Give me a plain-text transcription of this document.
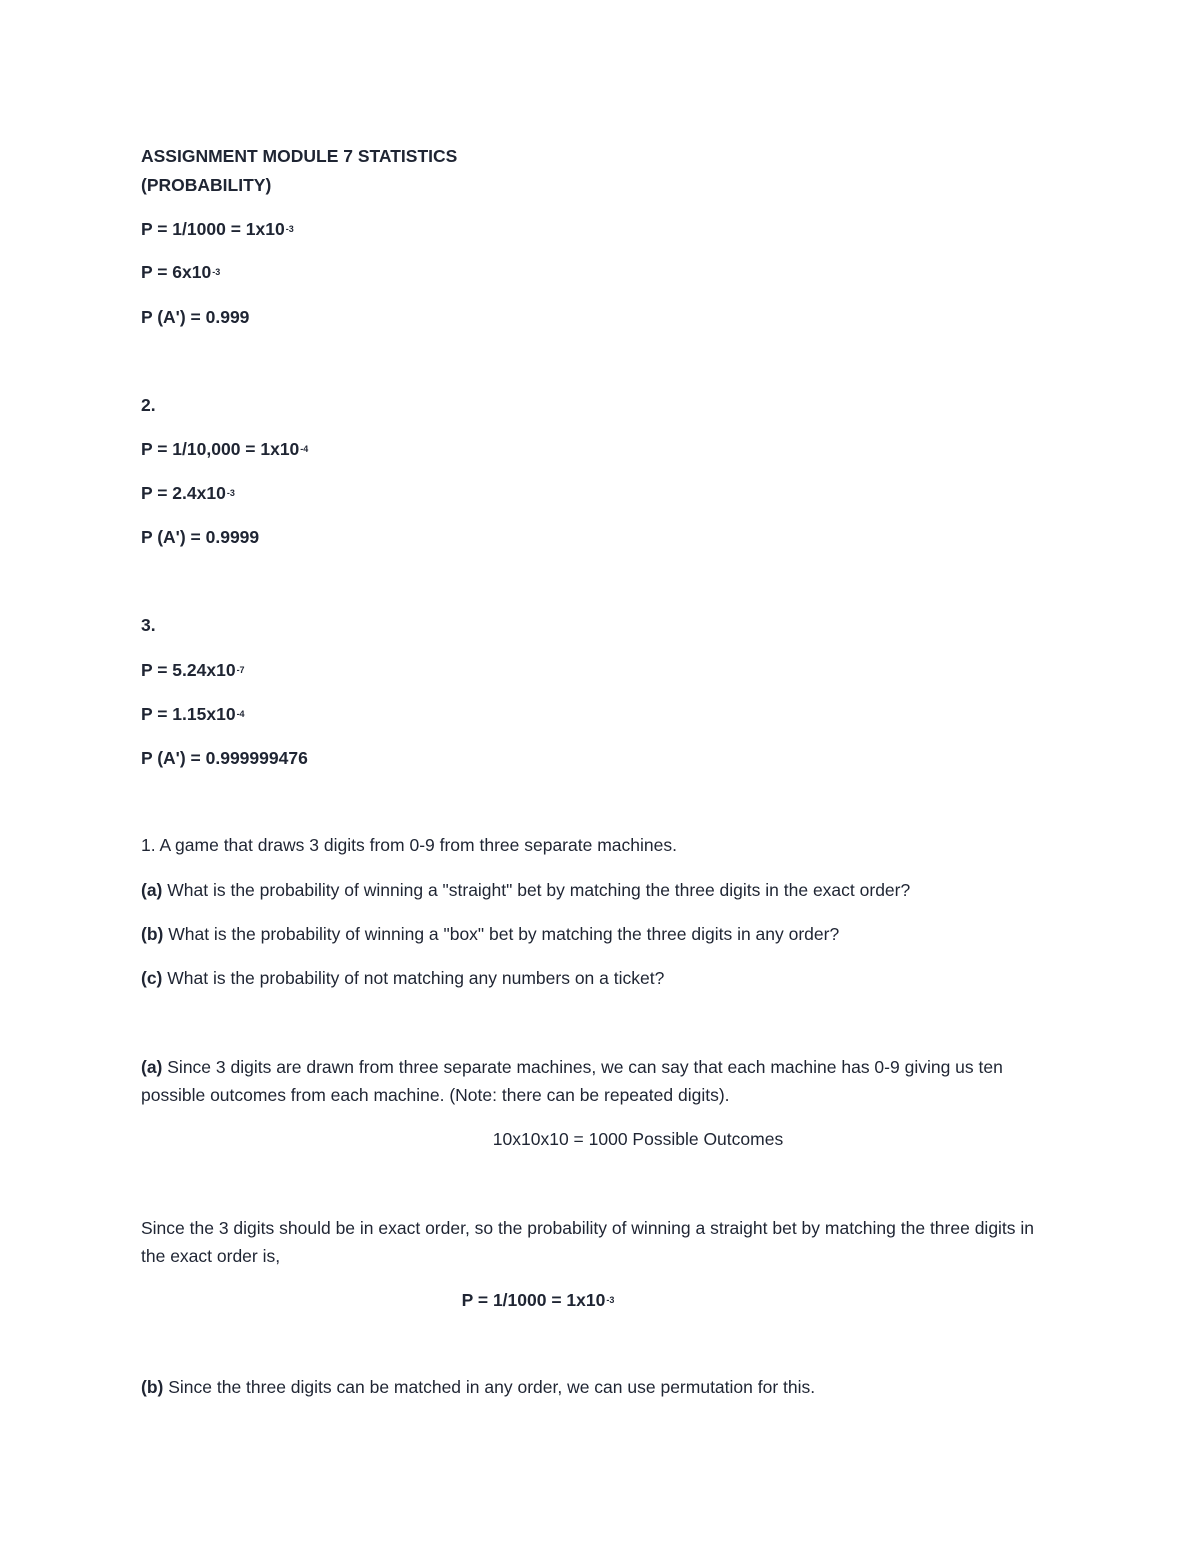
ASSIGNMENT MODULE 7 STATISTICS
(PROBABILITY)
$P = 1/1000 = 1x10^{-3}$
$P = 6x10^{-3}$
P (A') = 0.999
2.
$P = 1/10,000 = 1x10^{-4}$
$P = 2.4x10^{-3}$
P (A') = 0.9999
3.
$P = 5.24x10^{-7}$
$P = 1.15x10^{-4}$
P (A') = 0.999999476
1. A game that draws 3 digits from 0-9 from three separate machines.
(a) What is the probability of winning a "straight" bet by matching the three digits in the exact order?
(b) What is the probability of winning a "box" bet by matching the three digits in any order?
(c) What is the probability of not matching any numbers on a ticket?
(a) Since 3 digits are drawn from three separate machines, we can say that each machine has 0-9 giving us ten possible outcomes from each machine. (Note: there can be repeated digits).
10x10x10 = 1000 Possible Outcomes
Since the 3 digits should be in exact order, so the probability of winning a straight bet by matching the three digits in the exact order is,
$P = 1/1000 = 1x10^{-3}$
(b) Since the three digits can be matched in any order, we can use permutation for this.
